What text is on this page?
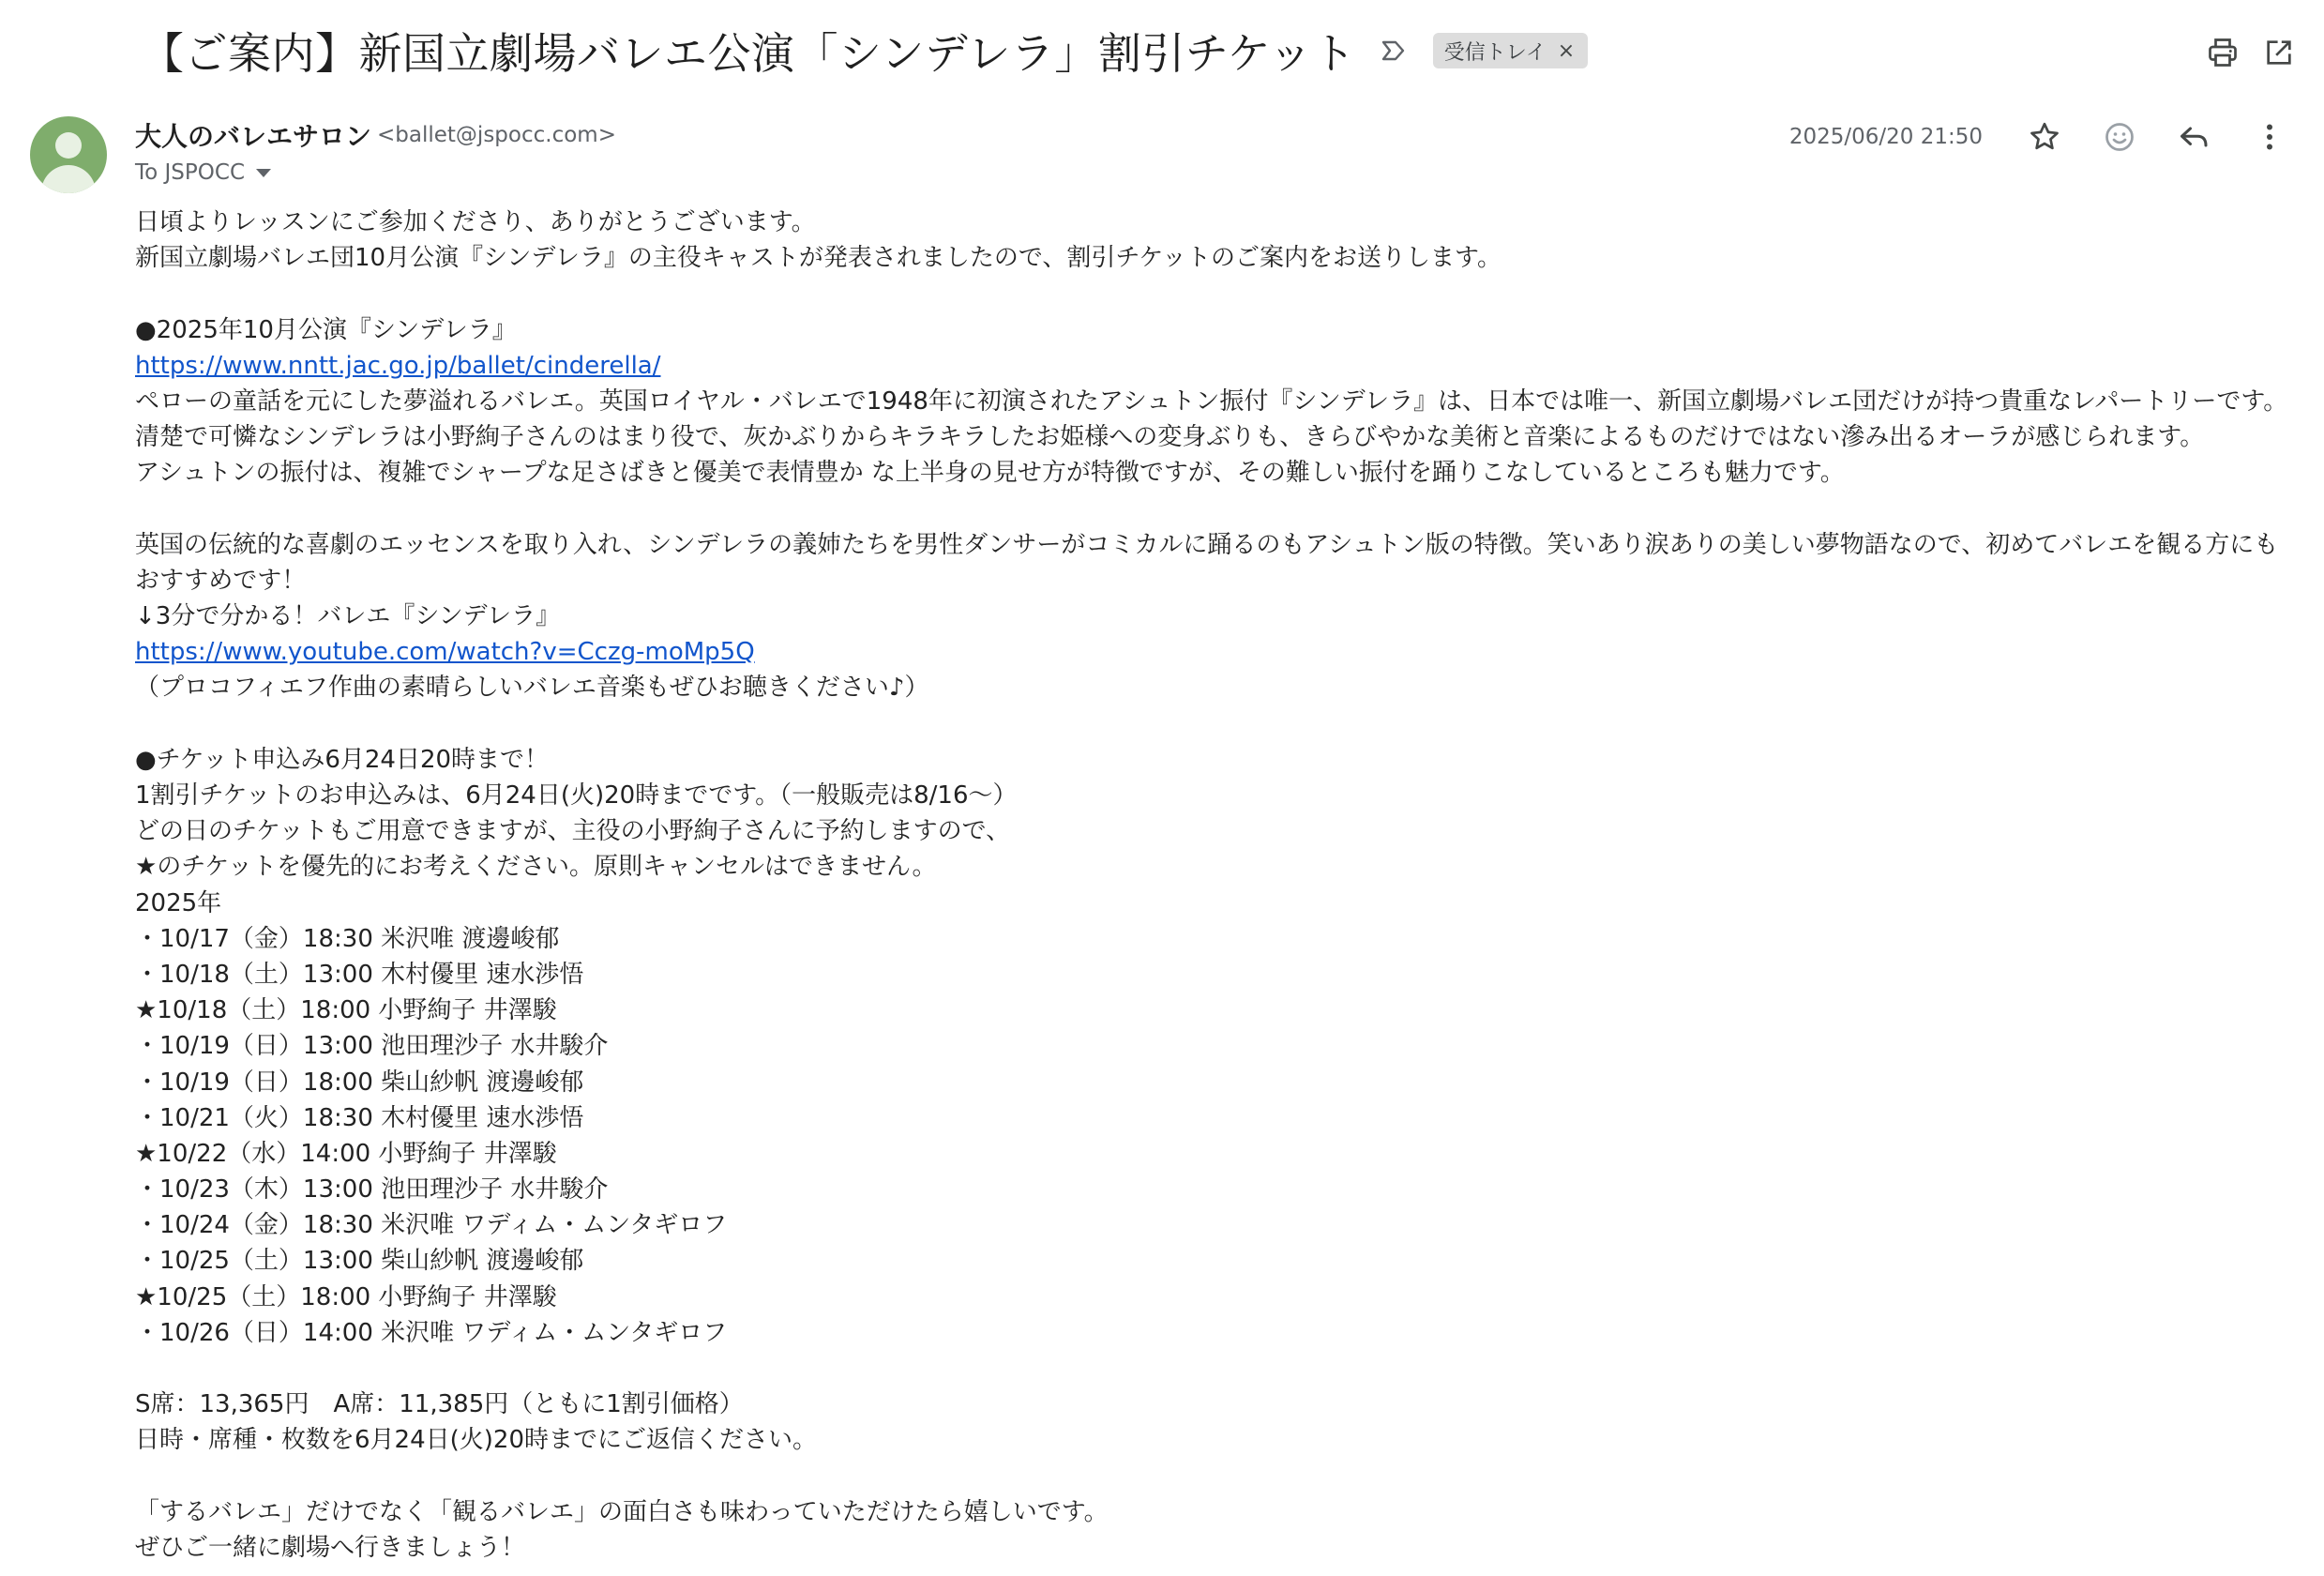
【ご案内】新国立劇場バレエ公演「シンデレラ」割引チケット	受信トレイ ×
大人のバレエサロン <ballet@jspocc.com>
To JSPOCC
2025/06/20 21:50
日頃よりレッスンにご参加くださり、ありがとうございます。
新国立劇場バレエ団10月公演『シンデレラ』の主役キャストが発表されましたので、割引チケットのご案内をお送りします。
●2025年10月公演『シンデレラ』
https://www.nntt.jac.go.jp/ballet/cinderella/
ペローの童話を元にした夢溢れるバレエ。英国ロイヤル・バレエで1948年に初演されたアシュトン振付『シンデレラ』は、日本では唯一、新国立劇場バレエ団だけが持つ貴重なレパートリーです。
清楚で可憐なシンデレラは小野絢子さんのはまり役で、灰かぶりからキラキラしたお姫様への変身ぶりも、きらびやかな美術と音楽によるものだけではない滲み出るオーラが感じられます。
アシュトンの振付は、複雑でシャープな足さばきと優美で表情豊か な上半身の見せ方が特徴ですが、その難しい振付を踊りこなしているところも魅力です。
英国の伝統的な喜劇のエッセンスを取り入れ、シンデレラの義姉たちを男性ダンサーがコミカルに踊るのもアシュトン版の特徴。笑いあり涙ありの美しい夢物語なので、初めてバレエを観る方にもおすすめです！
↓3分で分かる！バレエ『シンデレラ』
https://www.youtube.com/watch?v=Cczg-moMp5Q
（プロコフィエフ作曲の素晴らしいバレエ音楽もぜひお聴きください♪）
●チケット申込み6月24日20時まで！
1割引チケットのお申込みは、6月24日(火)20時までです。（一般販売は8/16〜）
どの日のチケットもご用意できますが、主役の小野絢子さんに予約しますので、
★のチケットを優先的にお考えください。原則キャンセルはできません。
2025年
・10/17（金）18:30 米沢唯 渡邊峻郁
・10/18（土）13:00 木村優里 速水渉悟
★10/18（土）18:00 小野絢子 井澤駿
・10/19（日）13:00 池田理沙子 水井駿介
・10/19（日）18:00 柴山紗帆 渡邊峻郁
・10/21（火）18:30 木村優里 速水渉悟
★10/22（水）14:00 小野絢子 井澤駿
・10/23（木）13:00 池田理沙子 水井駿介
・10/24（金）18:30 米沢唯 ワディム・ムンタギロフ
・10/25（土）13:00 柴山紗帆 渡邊峻郁
★10/25（土）18:00 小野絢子 井澤駿
・10/26（日）14:00 米沢唯 ワディム・ムンタギロフ
S席：13,365円　A席：11,385円（ともに1割引価格）
日時・席種・枚数を6月24日(火)20時までにご返信ください。
「するバレエ」だけでなく「観るバレエ」の面白さも味わっていただけたら嬉しいです。
ぜひご一緒に劇場へ行きましょう！
